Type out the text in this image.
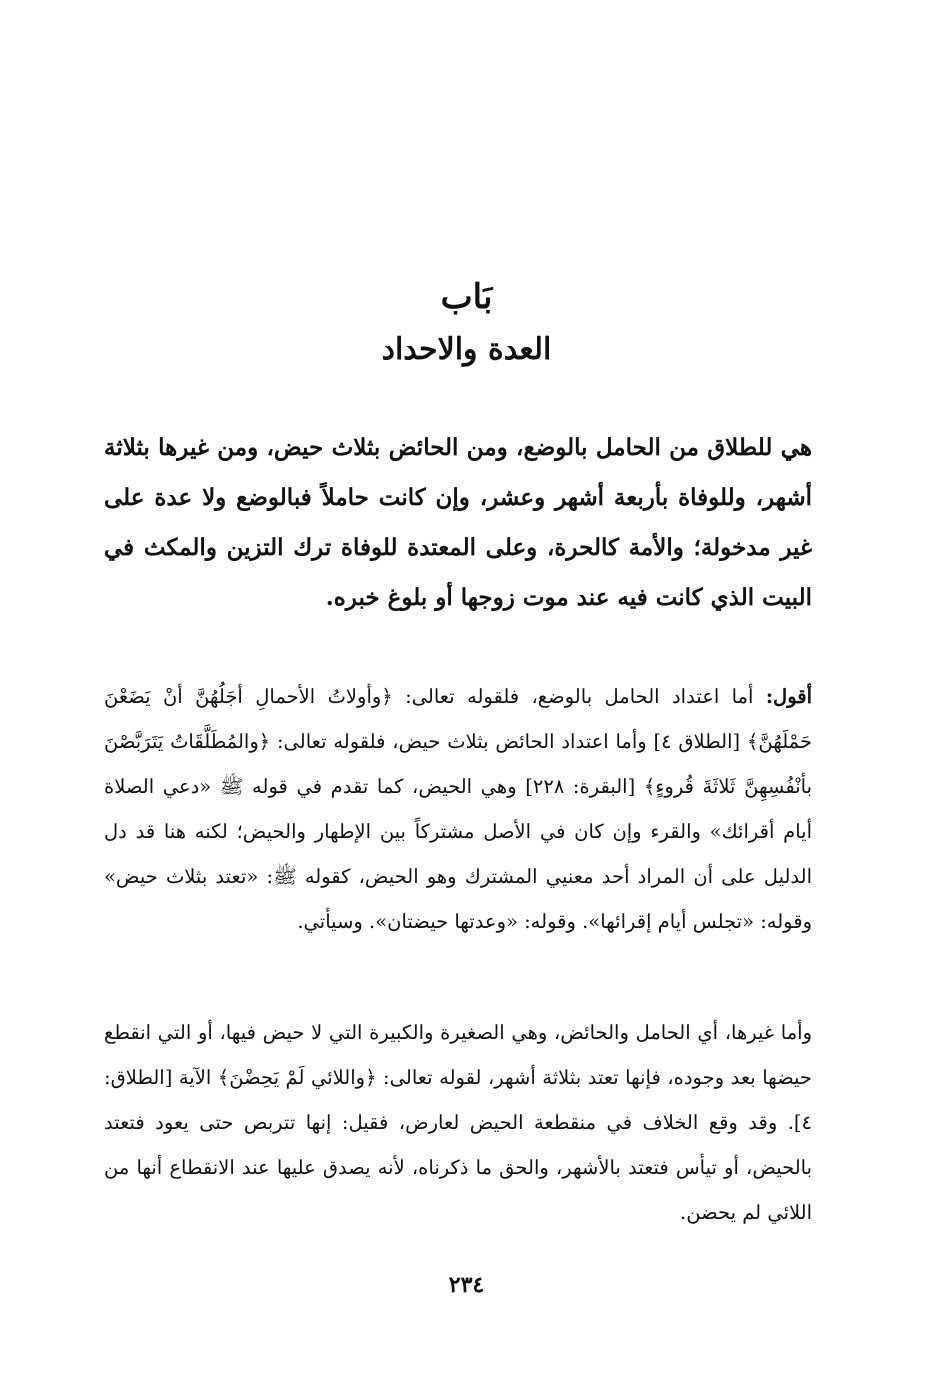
بَاب
العدة والاحداد

هي للطلاق من الحامل بالوضع، ومن الحائض بثلاث حيض، ومن غيرها بثلاثة أشهر، وللوفاة بأربعة أشهر وعشر، وإن كانت حاملاً فبالوضع ولا عدة على غير مدخولة؛ والأمة كالحرة، وعلى المعتدة للوفاة ترك التزين والمكث في البيت الذي كانت فيه عند موت زوجها أو بلوغ خبره.

أقول: أما اعتداد الحامل بالوضع، فلقوله تعالى: ﴿وأولاتُ الأحمالِ أجَلُهُنَّ أنْ يَضَعْنَ حَمْلَهُنَّ﴾ [الطلاق ٤] وأما اعتداد الحائض بثلاث حيض، فلقوله تعالى: ﴿والمُطَلَّقَاتُ يَتَرَبَّصْنَ بأنْفُسِهِنَّ ثَلاثَةَ قُروءٍ﴾ [البقرة: ٢٢٨] وهي الحيض، كما تقدم في قوله ﷺ «دعي الصلاة أيام أقرائك» والقرء وإن كان في الأصل مشتركاً بين الإطهار والحيض؛ لكنه هنا قد دل الدليل على أن المراد أحد معنيي المشترك وهو الحيض، كقوله ﷺ: «تعتد بثلاث حيض» وقوله: «تجلس أيام إقرائها». وقوله: «وعدتها حيضتان». وسيأتي.

وأما غيرها، أي الحامل والحائض، وهي الصغيرة والكبيرة التي لا حيض فيها، أو التي انقطع حيضها بعد وجوده، فإنها تعتد بثلاثة أشهر، لقوله تعالى: ﴿واللائي لَمْ يَحِضْنَ﴾ الآية [الطلاق: ٤]. وقد وقع الخلاف في منقطعة الحيض لعارض، فقيل: إنها تتربص حتى يعود فتعتد بالحيض، أو تيأس فتعتد بالأشهر، والحق ما ذكرناه، لأنه يصدق عليها عند الانقطاع أنها من اللائي لم يحضن.

٢٣٤
